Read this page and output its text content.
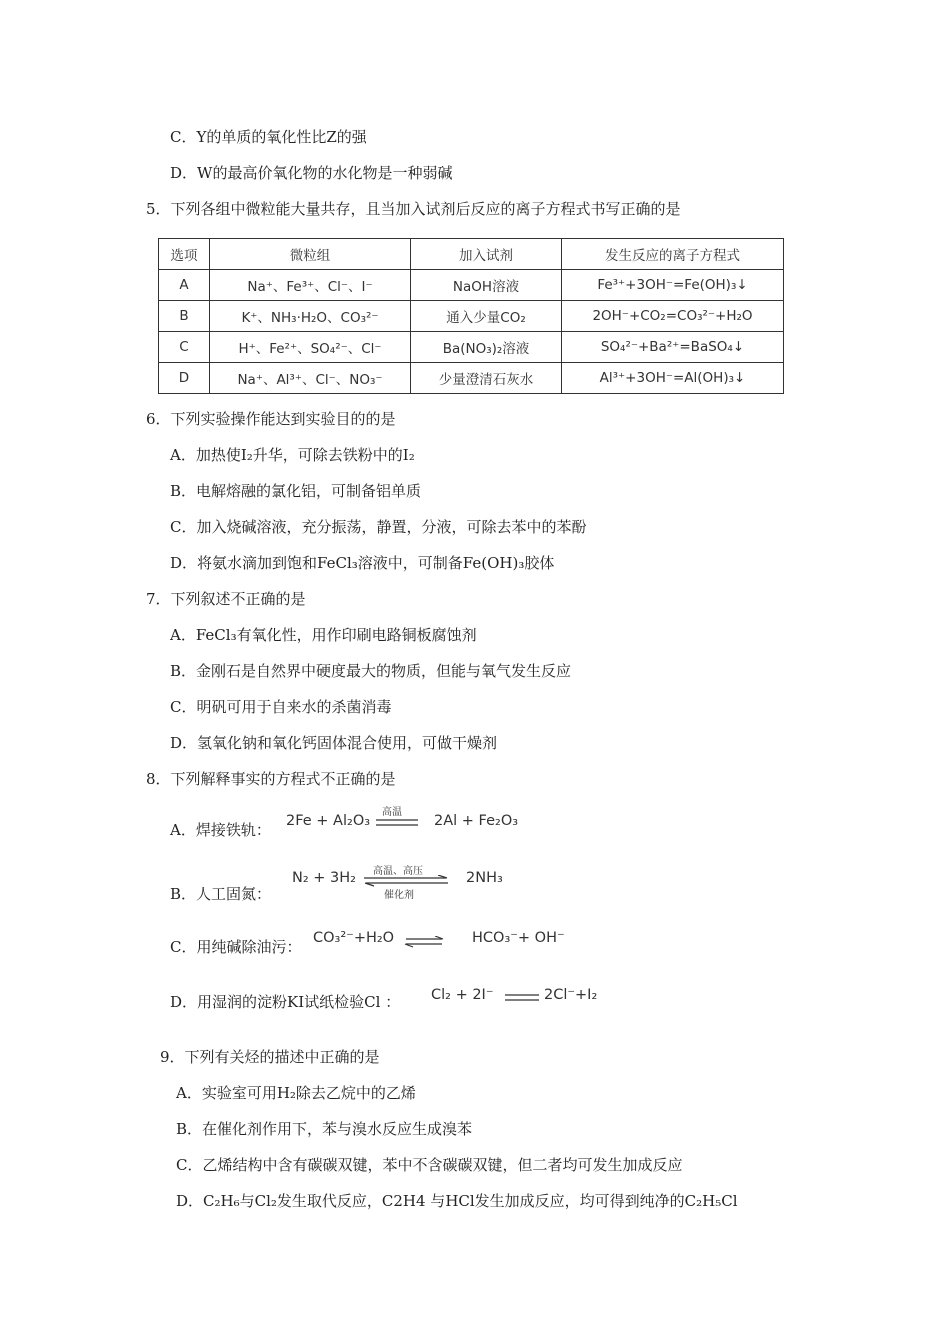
C．Y的单质的氧化性比Z的强
D．W的最高价氧化物的水化物是一种弱碱
5．下列各组中微粒能大量共存，且当加入试剂后反应的离子方程式书写正确的是
选项	微粒组	加入试剂	发生反应的离子方程式
A	Na⁺、Fe³⁺、Cl⁻、I⁻	NaOH溶液	Fe³⁺+3OH⁻=Fe(OH)₃↓
B	K⁺、NH₃·H₂O、CO₃²⁻	通入少量CO₂	2OH⁻+CO₂=CO₃²⁻+H₂O
C	H⁺、Fe²⁺、SO₄²⁻、Cl⁻	Ba(NO₃)₂溶液	SO₄²⁻+Ba²⁺=BaSO₄↓
D	Na⁺、Al³⁺、Cl⁻、NO₃⁻	少量澄清石灰水	Al³⁺+3OH⁻=Al(OH)₃↓
6．下列实验操作能达到实验目的的是
A．加热使I₂升华，可除去铁粉中的I₂
B．电解熔融的氯化铝，可制备铝单质
C．加入烧碱溶液，充分振荡，静置，分液，可除去苯中的苯酚
D．将氨水滴加到饱和FeCl₃溶液中，可制备Fe(OH)₃胶体
7．下列叙述不正确的是
A．FeCl₃有氧化性，用作印刷电路铜板腐蚀剂
B．金刚石是自然界中硬度最大的物质，但能与氧气发生反应
C．明矾可用于自来水的杀菌消毒
D．氢氧化钠和氧化钙固体混合使用，可做干燥剂
8．下列解释事实的方程式不正确的是
A．焊接铁轨： 2Fe + Al₂O₃
高温
2Al + Fe₂O₃
B．人工固氮：
N₂ + 3H₂ 高温、高压
催化剂
2NH₃
C．用纯碱除油污： CO₃²⁻+H₂O ⇌ HCO₃⁻+ OH⁻
D．用湿润的淀粉KI试纸检验Cl ： Cl₂ + 2I⁻	2Cl⁻+I₂
9．下列有关烃的描述中正确的是
A．实验室可用H₂除去乙烷中的乙烯
B．在催化剂作用下，苯与溴水反应生成溴苯
C．乙烯结构中含有碳碳双键，苯中不含碳碳双键，但二者均可发生加成反应
D．C₂H₆与Cl₂发生取代反应，C2H4 与HCl发生加成反应，均可得到纯净的C₂H₅Cl
